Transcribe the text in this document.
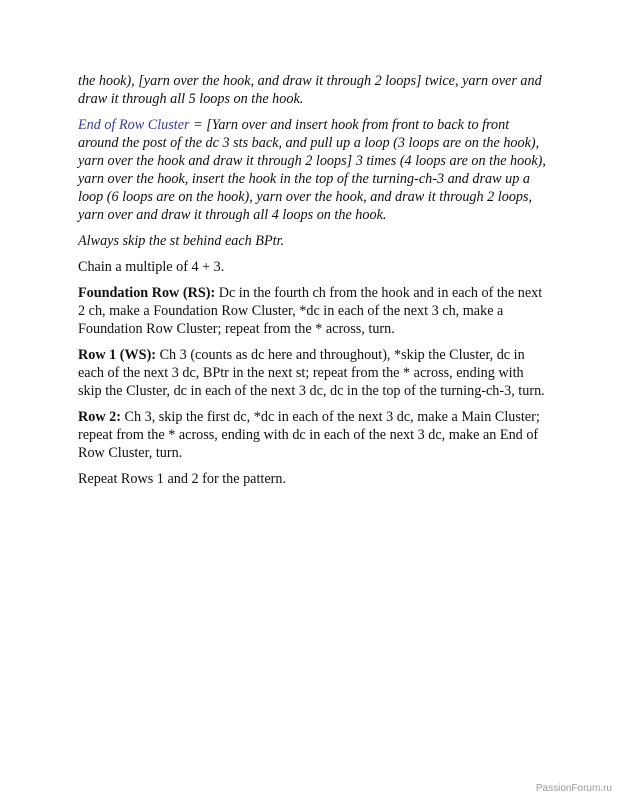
the hook), [yarn over the hook, and draw it through 2 loops] twice, yarn over and draw it through all 5 loops on the hook.

End of Row Cluster = [Yarn over and insert hook from front to back to front around the post of the dc 3 sts back, and pull up a loop (3 loops are on the hook), yarn over the hook and draw it through 2 loops] 3 times (4 loops are on the hook), yarn over the hook, insert the hook in the top of the turning-ch-3 and draw up a loop (6 loops are on the hook), yarn over the hook, and draw it through 2 loops, yarn over and draw it through all 4 loops on the hook.

Always skip the st behind each BPtr.

Chain a multiple of 4 + 3.

Foundation Row (RS): Dc in the fourth ch from the hook and in each of the next 2 ch, make a Foundation Row Cluster, *dc in each of the next 3 ch, make a Foundation Row Cluster; repeat from the * across, turn.

Row 1 (WS): Ch 3 (counts as dc here and throughout), *skip the Cluster, dc in each of the next 3 dc, BPtr in the next st; repeat from the * across, ending with skip the Cluster, dc in each of the next 3 dc, dc in the top of the turning-ch-3, turn.

Row 2: Ch 3, skip the first dc, *dc in each of the next 3 dc, make a Main Cluster; repeat from the * across, ending with dc in each of the next 3 dc, make an End of Row Cluster, turn.

Repeat Rows 1 and 2 for the pattern.

PassionForum.ru
